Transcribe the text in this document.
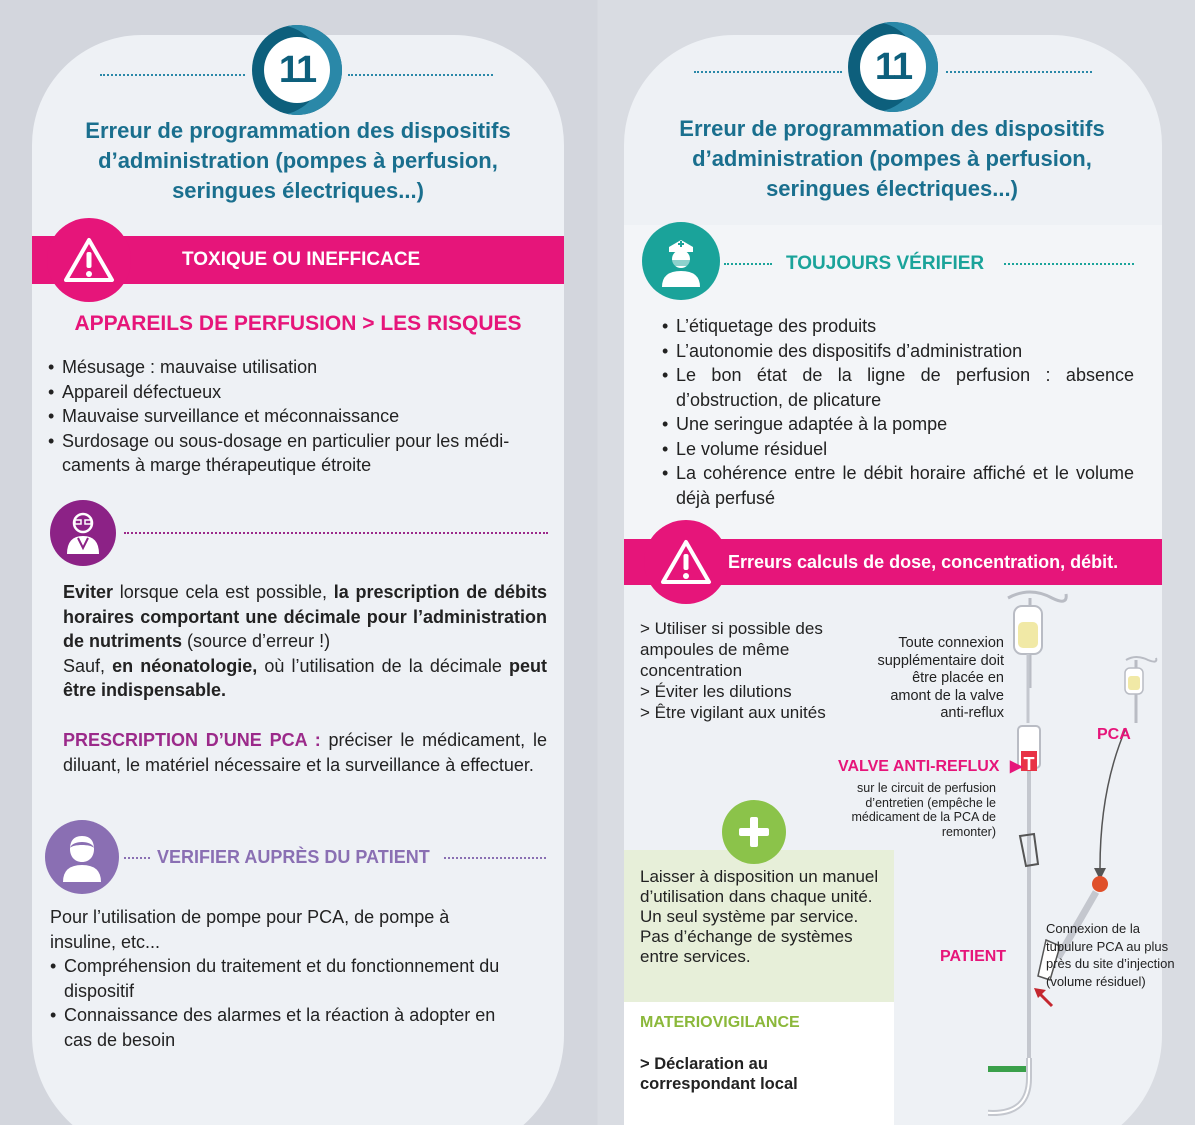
11
Erreur de programmation des dispositifs
d’administration (pompes à perfusion,
seringues électriques...)
TOXIQUE OU INEFFICACE
APPAREILS DE PERFUSION > LES RISQUES
• Mésusage : mauvaise utilisation
• Appareil défectueux
• Mauvaise surveillance et méconnaissance
• Surdosage ou sous-dosage en particulier pour les médi- caments à marge thérapeutique étroite
Eviter lorsque cela est possible, la prescription de débits horaires comportant une décimale pour l’administration de nutriments (source d’erreur !)
Sauf, en néonatologie, où l’utilisation de la décimale peut être indispensable.
PRESCRIPTION D’UNE PCA : préciser le médicament, le diluant, le matériel nécessaire et la surveillance à effectuer.
VERIFIER AUPRÈS DU PATIENT
Pour l’utilisation de pompe pour PCA, de pompe à insuline, etc...
• Compréhension du traitement et du fonctionnement du dispositif
• Connaissance des alarmes et la réaction à adopter en cas de besoin
11
Erreur de programmation des dispositifs
d’administration (pompes à perfusion,
seringues électriques...)
TOUJOURS VÉRIFIER
• L’étiquetage des produits
• L’autonomie des dispositifs d’administration
• Le bon état de la ligne de perfusion : absence d’obstruction, de plicature
• Une seringue adaptée à la pompe
• Le volume résiduel
• La cohérence entre le débit horaire affiché et le volume déjà perfusé
Erreurs calculs de dose, concentration, débit.
> Utiliser si possible des ampoules de même concentration
> Éviter les dilutions
> Être vigilant aux unités
T
Toute connexion supplémentaire doit être placée en amont de la valve anti-reflux
VALVE ANTI-REFLUX ▶
sur le circuit de perfusion d’entretien (empêche le médicament de la PCA de remonter)
PCA
PATIENT
Connexion de la tubulure PCA au plus près du site d’injection (volume résiduel)
Laisser à disposition un manuel d’utilisation dans chaque unité. Un seul système par service. Pas d’échange de systèmes entre services.
MATERIOVIGILANCE
> Déclaration au correspondant local
